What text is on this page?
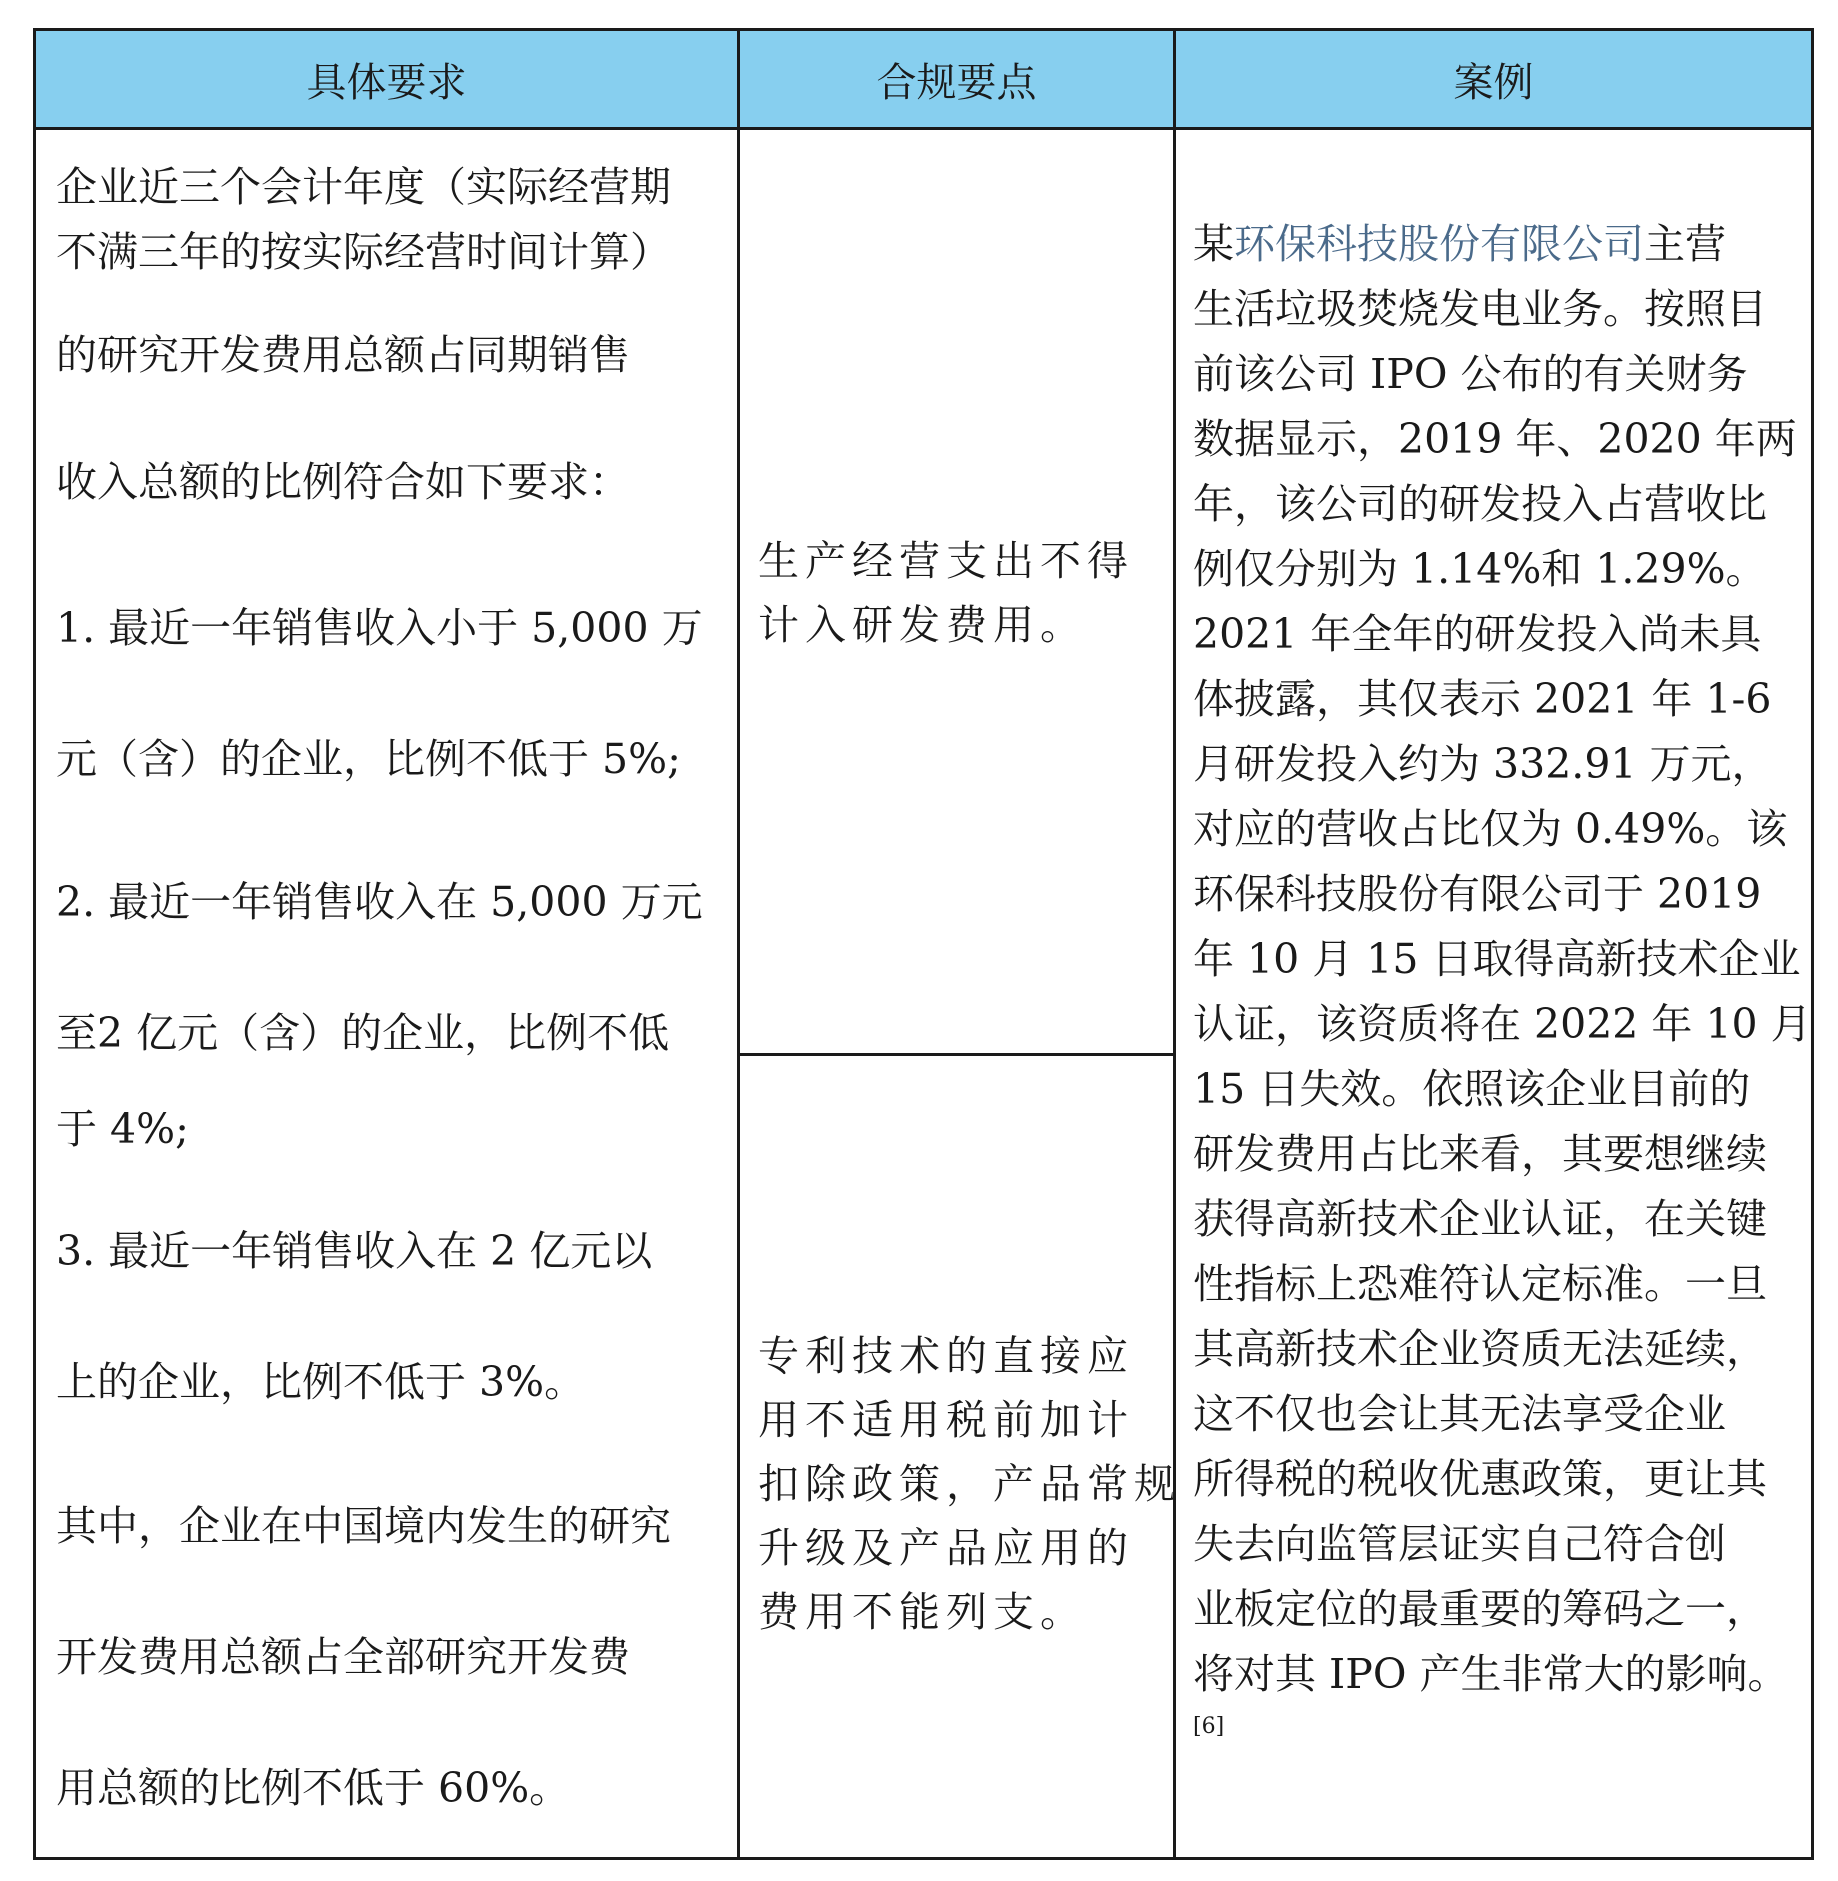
具体要求	合规要点	案例

企业近三个会计年度（实际经营期

不满三年的按实际经营时间计算）

的研究开发费用总额占同期销售

收入总额的比例符合如下要求：

1. 最近一年销售收入小于 5,000 万

元（含）的企业，比例不低于 5%;

2. 最近一年销售收入在 5,000 万元

至2 亿元（含）的企业，比例不低

于 4%;

3. 最近一年销售收入在 2 亿元以

上的企业，比例不低于 3%。

其中，企业在中国境内发生的研究

开发费用总额占全部研究开发费

用总额的比例不低于 60%。

生产经营支出不得

计入研发费用。

专利技术的直接应

用不适用税前加计

扣除政策，产品常规

升级及产品应用的

费用不能列支。

某环保科技股份有限公司主营

生活垃圾焚烧发电业务。按照目

前该公司 IPO 公布的有关财务

数据显示，2019 年、2020 年两

年，该公司的研发投入占营收比

例仅分别为 1.14%和 1.29%。

2021 年全年的研发投入尚未具

体披露，其仅表示 2021 年 1-6

月研发投入约为 332.91 万元，

对应的营收占比仅为 0.49%。该

环保科技股份有限公司于 2019

年 10 月 15 日取得高新技术企业

认证，该资质将在 2022 年 10 月

15 日失效。依照该企业目前的

研发费用占比来看，其要想继续

获得高新技术企业认证，在关键

性指标上恐难符认定标准。一旦

其高新技术企业资质无法延续，

这不仅也会让其无法享受企业

所得税的税收优惠政策，更让其

失去向监管层证实自己符合创

业板定位的最重要的筹码之一，

将对其 IPO 产生非常大的影响。

[6]
